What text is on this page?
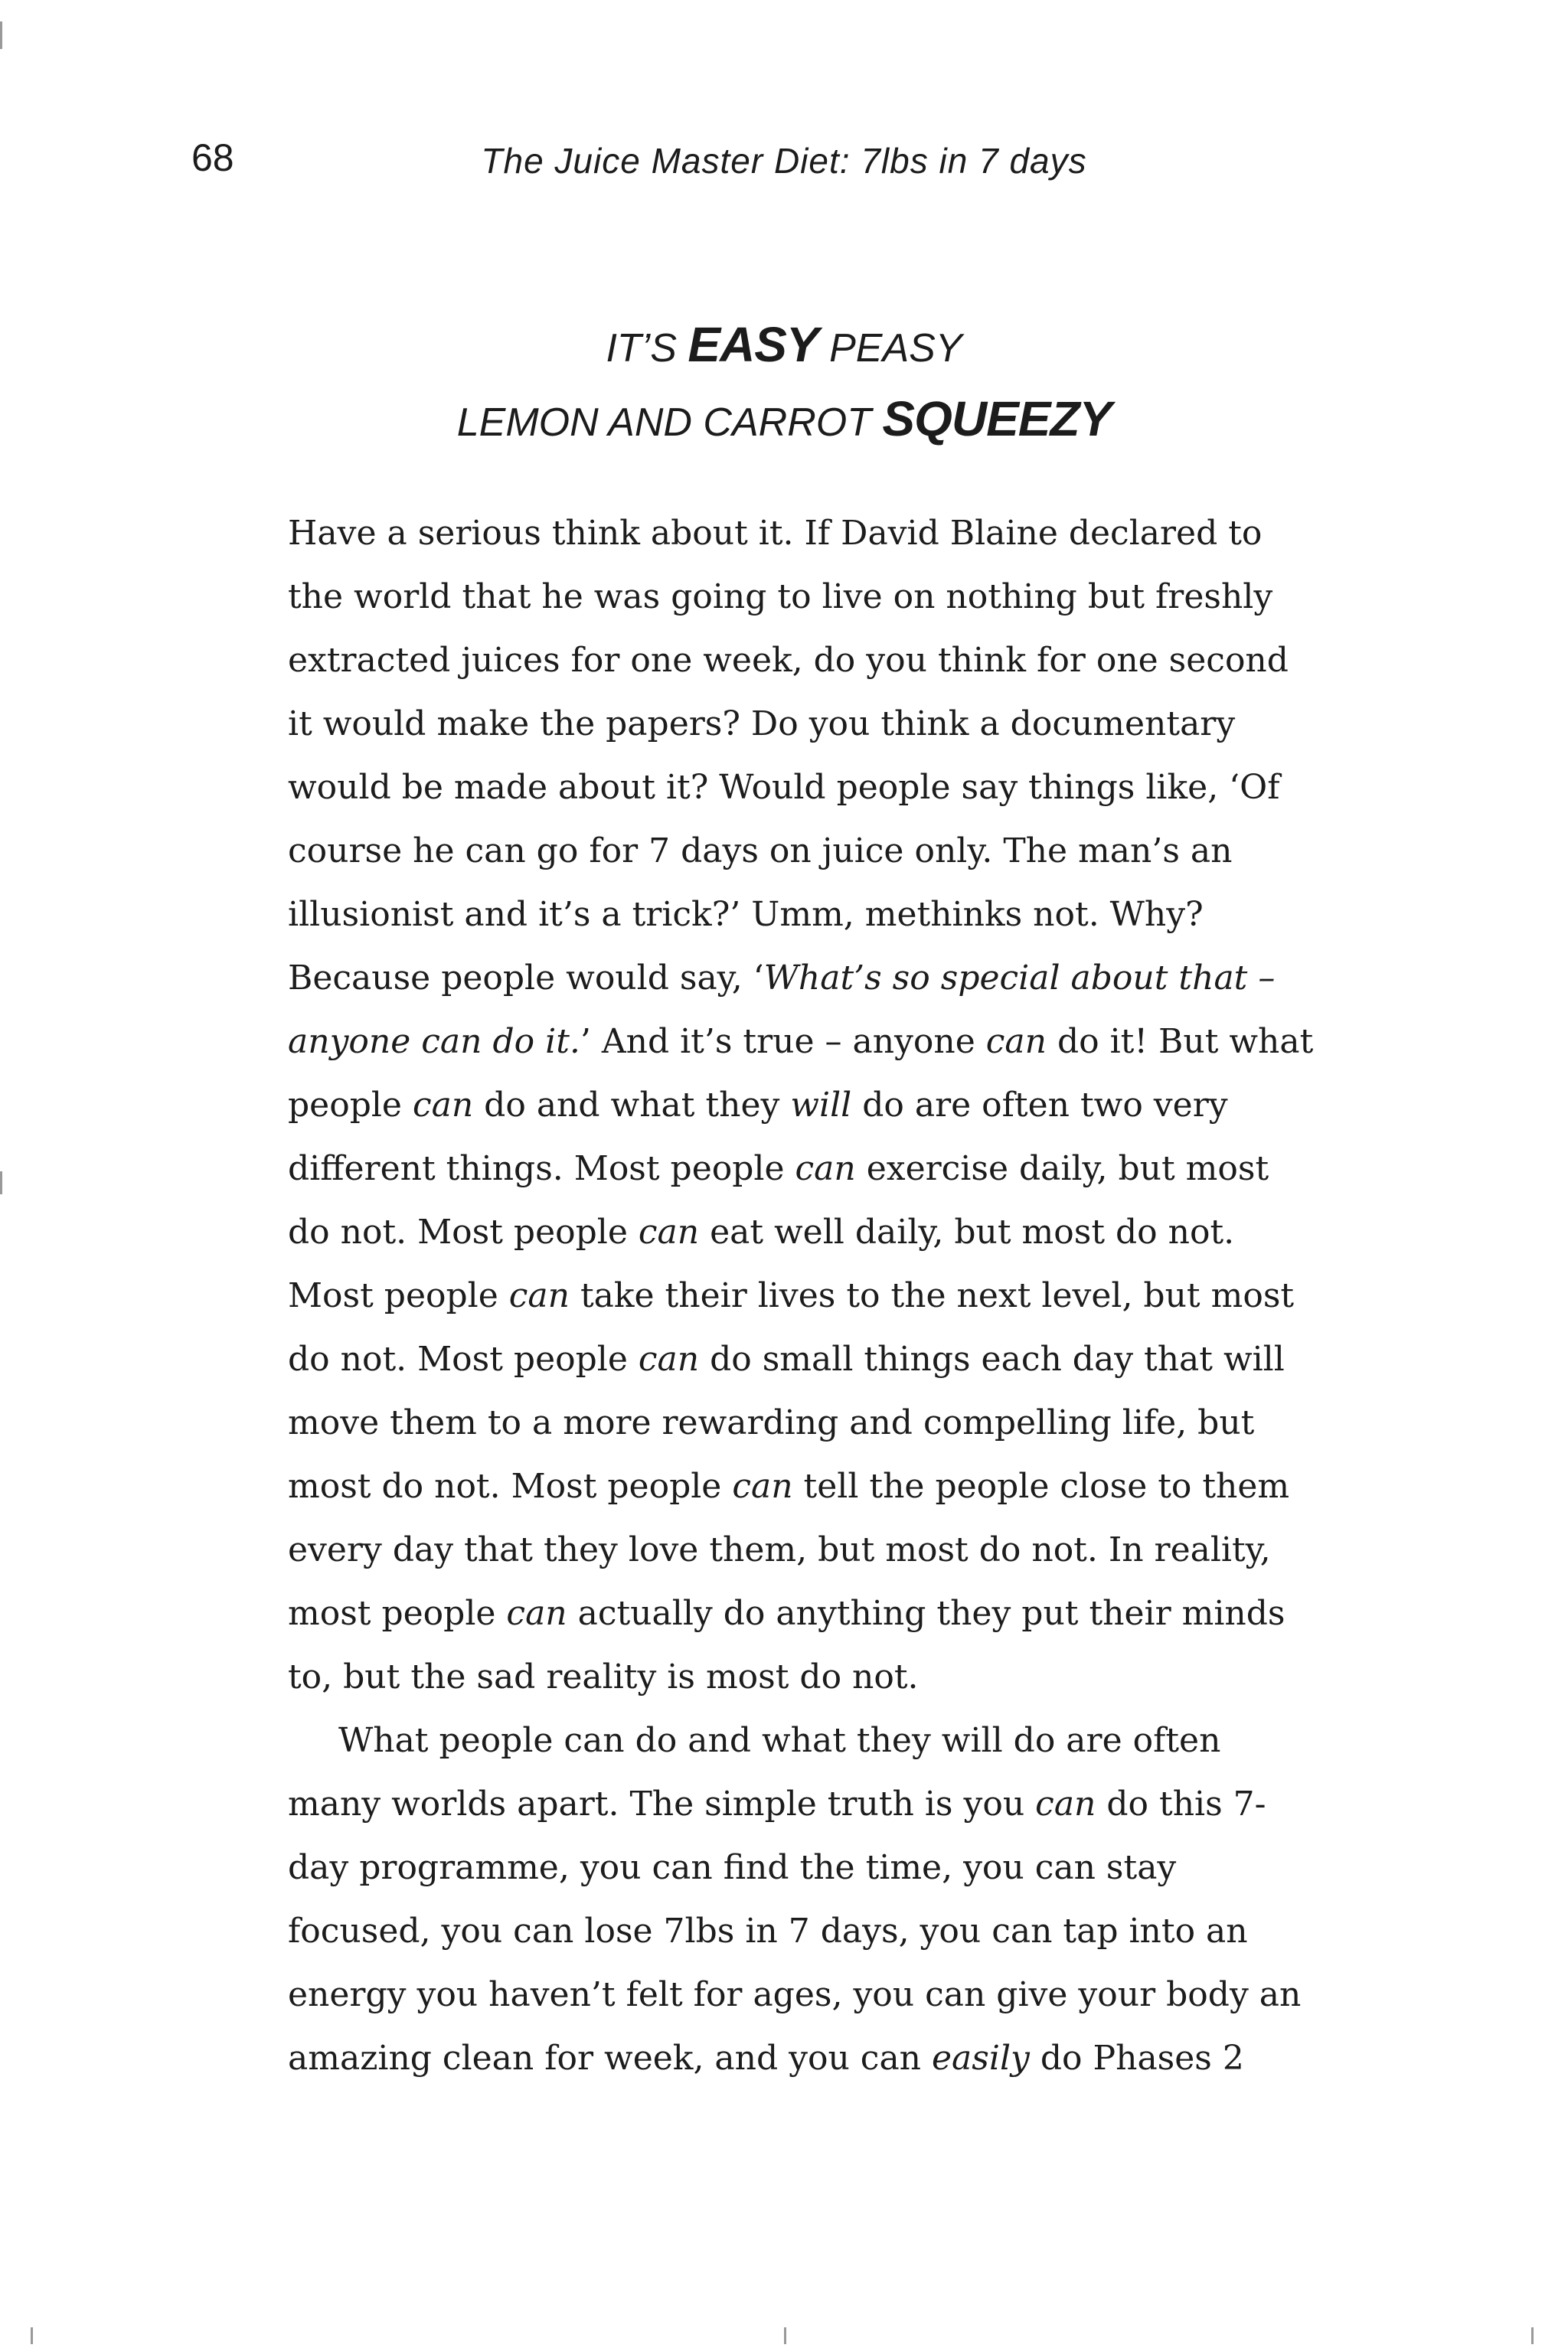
68	The Juice Master Diet: 7lbs in 7 days
IT’S EASY PEASY
LEMON AND CARROT SQUEEZY
Have a serious think about it. If David Blaine declared to
the world that he was going to live on nothing but freshly
extracted juices for one week, do you think for one second
it would make the papers? Do you think a documentary
would be made about it? Would people say things like, ‘Of
course he can go for 7 days on juice only. The man’s an
illusionist and it’s a trick?’ Umm, methinks not. Why?
Because people would say, ‘What’s so special about that –
anyone can do it.’ And it’s true – anyone can do it! But what
people can do and what they will do are often two very
different things. Most people can exercise daily, but most
do not. Most people can eat well daily, but most do not.
Most people can take their lives to the next level, but most
do not. Most people can do small things each day that will
move them to a more rewarding and compelling life, but
most do not. Most people can tell the people close to them
every day that they love them, but most do not. In reality,
most people can actually do anything they put their minds
to, but the sad reality is most do not.
What people can do and what they will do are often
many worlds apart. The simple truth is you can do this 7-
day programme, you can find the time, you can stay
focused, you can lose 7lbs in 7 days, you can tap into an
energy you haven’t felt for ages, you can give your body an
amazing clean for week, and you can easily do Phases 2
